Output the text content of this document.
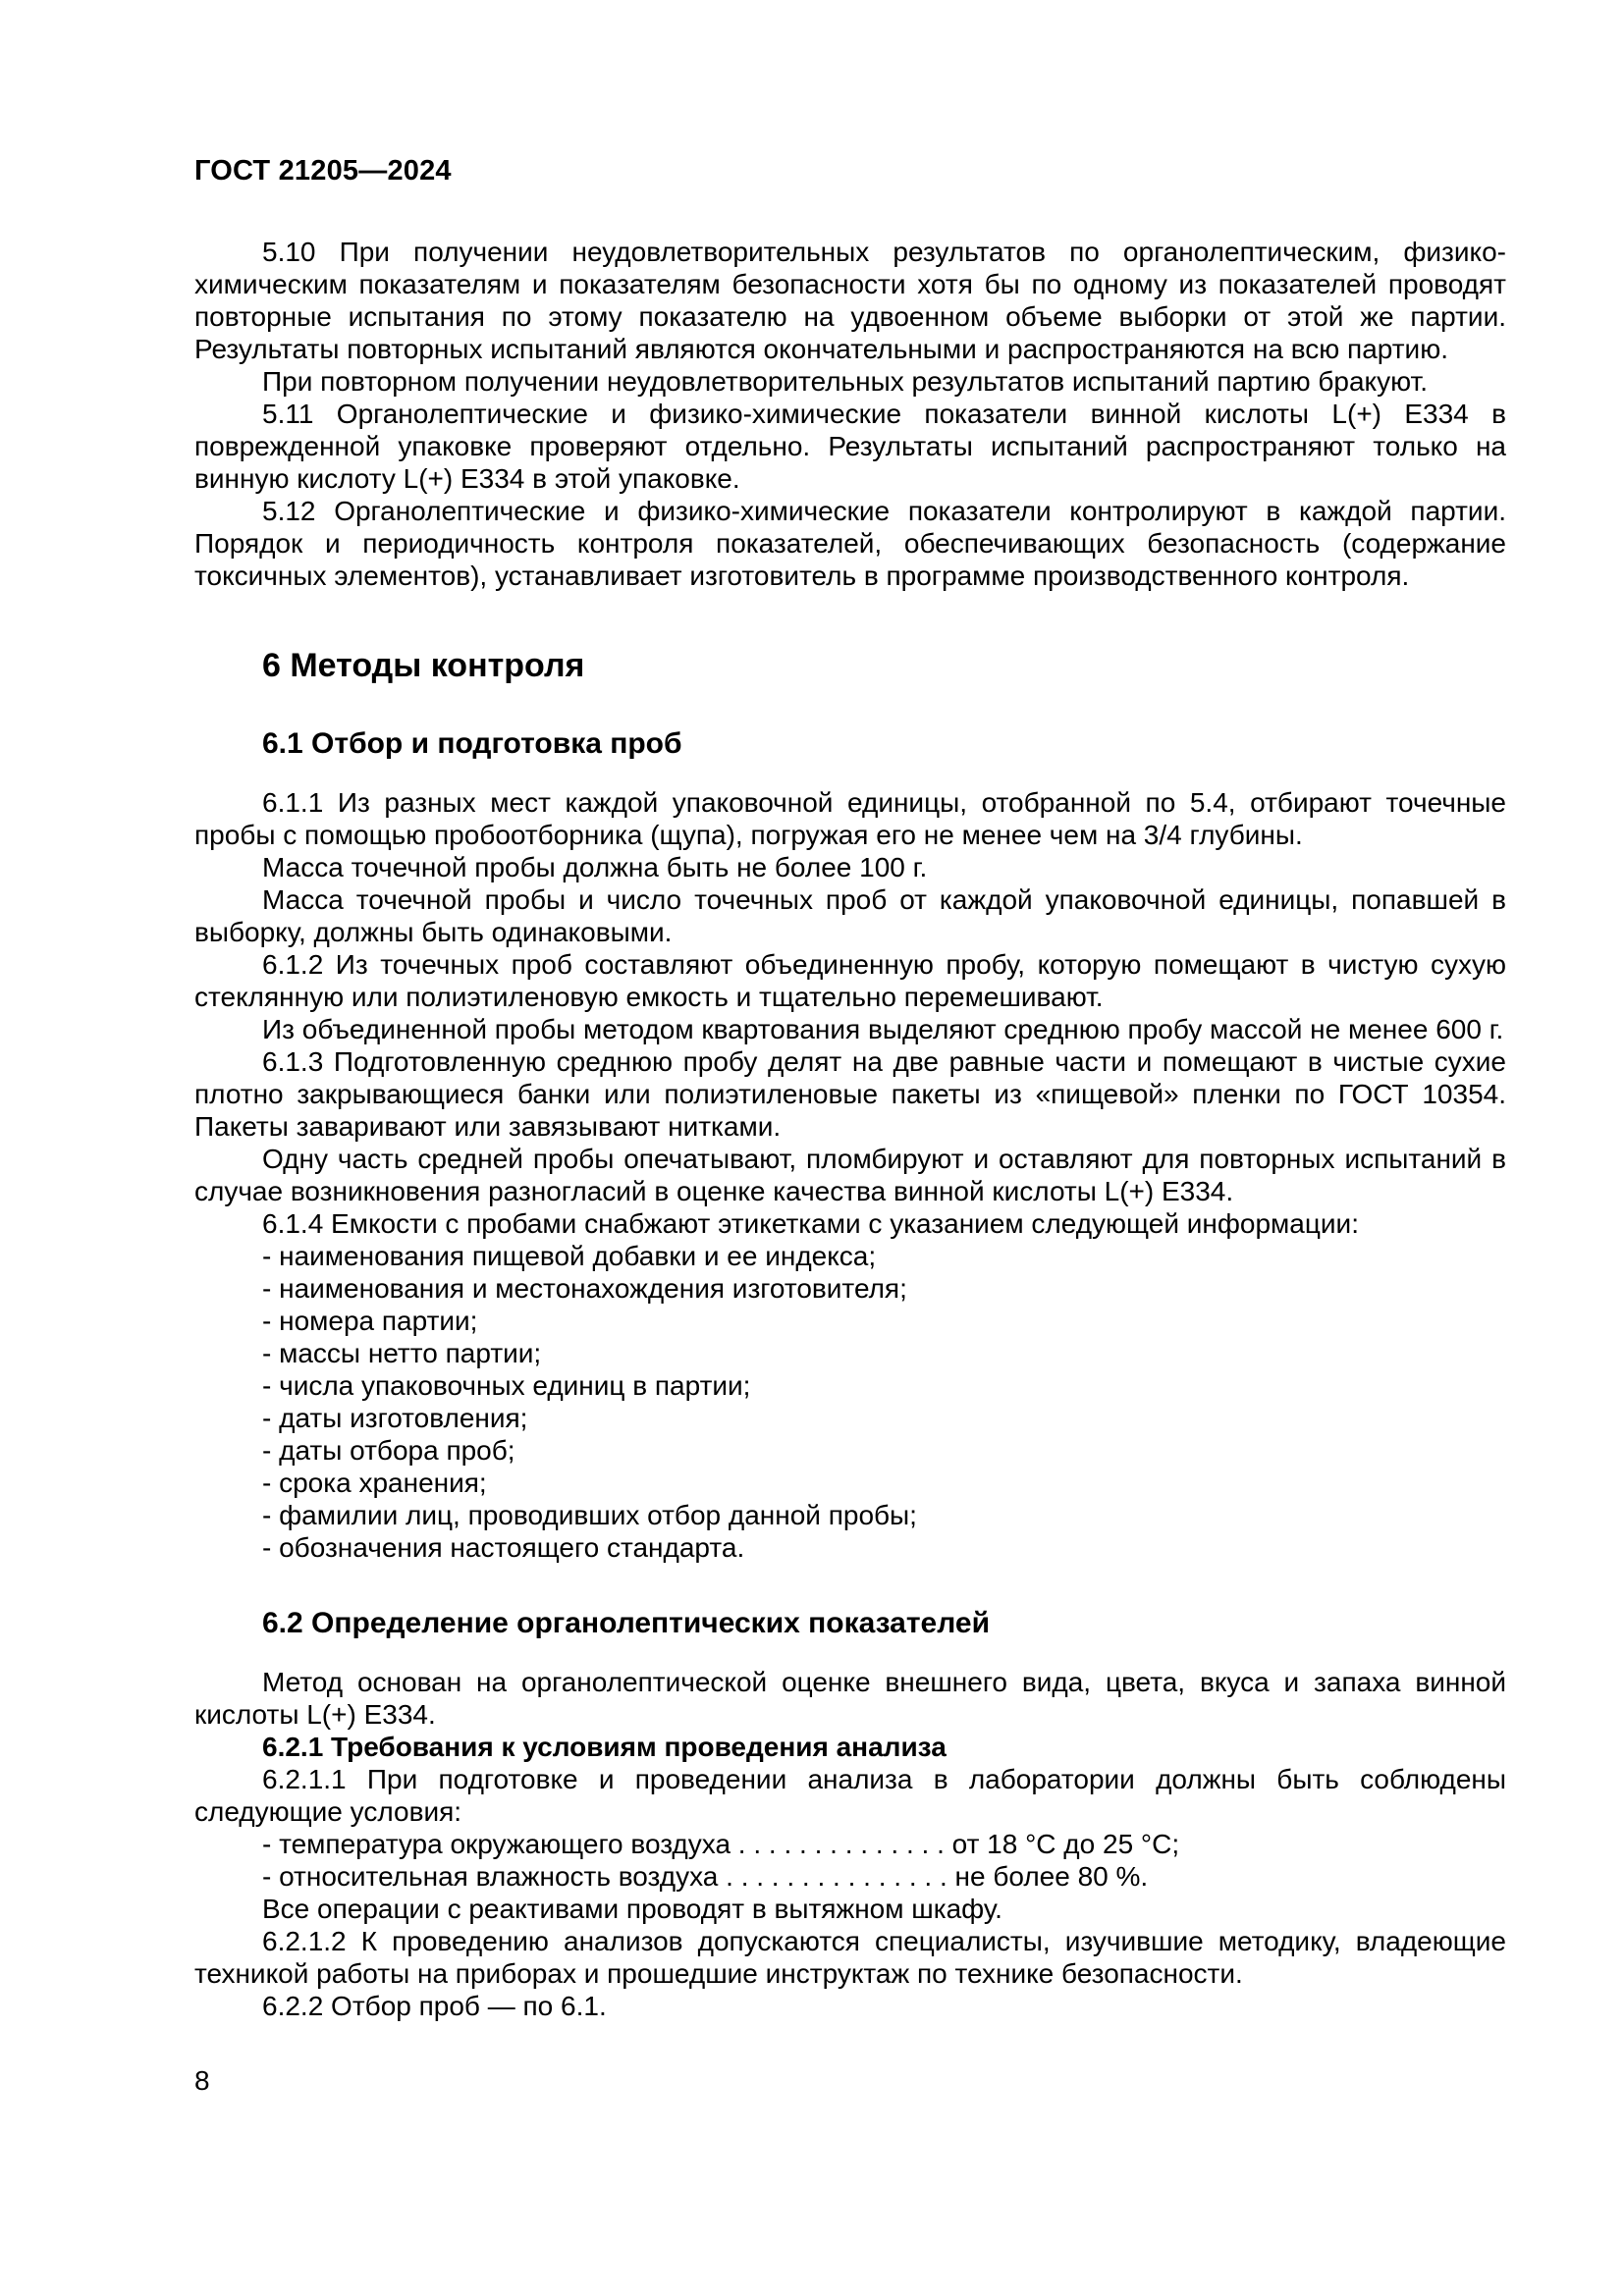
ГОСТ 21205—2024
5.10 При получении неудовлетворительных результатов по органолептическим, физико-химическим показателям и показателям безопасности хотя бы по одному из показателей проводят повторные испытания по этому показателю на удвоенном объеме выборки от этой же партии. Результаты повторных испытаний являются окончательными и распространяются на всю партию.
При повторном получении неудовлетворительных результатов испытаний партию бракуют.
5.11 Органолептические и физико-химические показатели винной кислоты L(+) Е334 в поврежденной упаковке проверяют отдельно. Результаты испытаний распространяют только на винную кислоту L(+) Е334 в этой упаковке.
5.12 Органолептические и физико-химические показатели контролируют в каждой партии. Порядок и периодичность контроля показателей, обеспечивающих безопасность (содержание токсичных элементов), устанавливает изготовитель в программе производственного контроля.
6 Методы контроля
6.1 Отбор и подготовка проб
6.1.1 Из разных мест каждой упаковочной единицы, отобранной по 5.4, отбирают точечные пробы с помощью пробоотборника (щупа), погружая его не менее чем на 3/4 глубины.
Масса точечной пробы должна быть не более 100 г.
Масса точечной пробы и число точечных проб от каждой упаковочной единицы, попавшей в выборку, должны быть одинаковыми.
6.1.2 Из точечных проб составляют объединенную пробу, которую помещают в чистую сухую стеклянную или полиэтиленовую емкость и тщательно перемешивают.
Из объединенной пробы методом квартования выделяют среднюю пробу массой не менее 600 г.
6.1.3 Подготовленную среднюю пробу делят на две равные части и помещают в чистые сухие плотно закрывающиеся банки или полиэтиленовые пакеты из «пищевой» пленки по ГОСТ 10354. Пакеты заваривают или завязывают нитками.
Одну часть средней пробы опечатывают, пломбируют и оставляют для повторных испытаний в случае возникновения разногласий в оценке качества винной кислоты L(+) Е334.
6.1.4 Емкости с пробами снабжают этикетками с указанием следующей информации:
- наименования пищевой добавки и ее индекса;
- наименования и местонахождения изготовителя;
- номера партии;
- массы нетто партии;
- числа упаковочных единиц в партии;
- даты изготовления;
- даты отбора проб;
- срока хранения;
- фамилии лиц, проводивших отбор данной пробы;
- обозначения настоящего стандарта.
6.2 Определение органолептических показателей
Метод основан на органолептической оценке внешнего вида, цвета, вкуса и запаха винной кислоты L(+) Е334.
6.2.1 Требования к условиям проведения анализа
6.2.1.1 При подготовке и проведении анализа в лаборатории должны быть соблюдены следующие условия:
- температура окружающего воздуха . . . . . . . . . . . . . . от 18 °С до 25 °С;
- относительная влажность воздуха . . . . . . . . . . . . . . . не более 80 %.
Все операции с реактивами проводят в вытяжном шкафу.
6.2.1.2 К проведению анализов допускаются специалисты, изучившие методику, владеющие техникой работы на приборах и прошедшие инструктаж по технике безопасности.
6.2.2 Отбор проб — по 6.1.
8
